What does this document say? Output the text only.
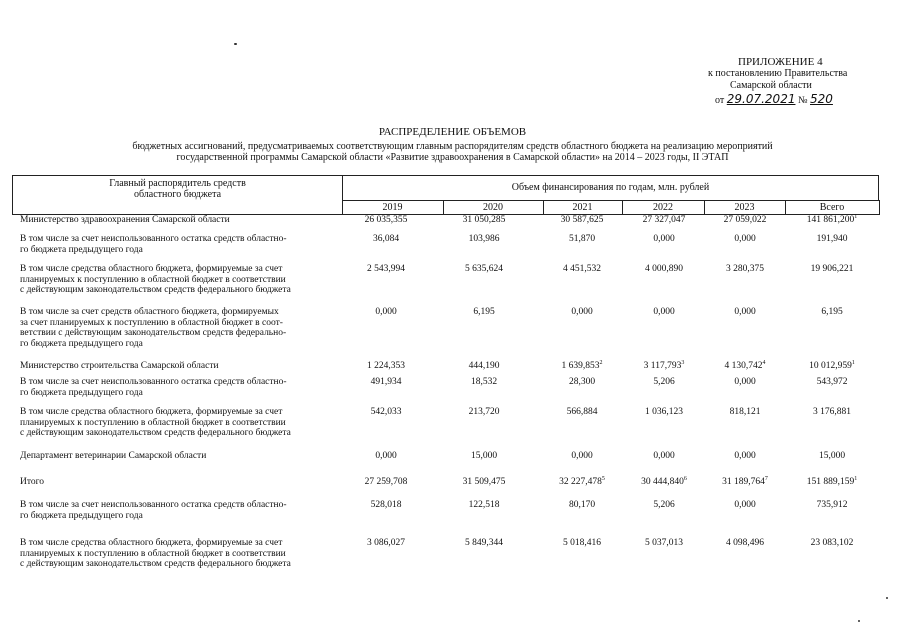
ПРИЛОЖЕНИЕ 4
к постановлению Правительства
Самарской области
от 29.07.2021 № 520
РАСПРЕДЕЛЕНИЕ ОБЪЕМОВ
бюджетных ассигнований, предусматриваемых соответствующим главным распорядителям средств областного бюджета на реализацию мероприятий
государственной программы Самарской области «Развитие здравоохранения в Самарской области» на 2014 – 2023 годы, II ЭТАП
Главный распорядитель средств
областного бюджета
Объем финансирования по годам, млн. рублей
2019	2020	2021	2022	2023	Всего
Министерство здравоохранения Самарской области	26 035,355	31 050,285	30 587,625	27 327,047	27 059,022	141 861,200$^1$
В том числе за счет неиспользованного остатка средств областно-
го бюджета предыдущего года
36,084	103,986	51,870	0,000	0,000	191,940
В том числе средства областного бюджета, формируемые за счет
планируемых к поступлению в областной бюджет в соответствии
с действующим законодательством средств федерального бюджета
2 543,994	5 635,624	4 451,532	4 000,890	3 280,375	19 906,221
В том числе за счет средств областного бюджета, формируемых
за счет планируемых к поступлению в областной бюджет в соот-
ветствии с действующим законодательством средств федерально-
го бюджета предыдущего года
0,000	6,195	0,000	0,000	0,000	6,195
Министерство строительства Самарской области	1 224,353	444,190	1 639,853$^2$	3 117,793$^3$	4 130,742$^4$	10 012,959$^1$
В том числе за счет неиспользованного остатка средств областно-
го бюджета предыдущего года
491,934	18,532	28,300	5,206	0,000	543,972
В том числе средства областного бюджета, формируемые за счет
планируемых к поступлению в областной бюджет в соответствии
с действующим законодательством средств федерального бюджета
542,033	213,720	566,884	1 036,123	818,121	3 176,881
Департамент ветеринарии Самарской области	0,000	15,000	0,000	0,000	0,000	15,000
Итого	27 259,708	31 509,475	32 227,478$^5$	30 444,840$^6$	31 189,764$^7$	151 889,159$^1$
В том числе за счет неиспользованного остатка средств областно-
го бюджета предыдущего года
528,018	122,518	80,170	5,206	0,000	735,912
В том числе средства областного бюджета, формируемые за счет
планируемых к поступлению в областной бюджет в соответствии
с действующим законодательством средств федерального бюджета
3 086,027	5 849,344	5 018,416	5 037,013	4 098,496	23 083,102
